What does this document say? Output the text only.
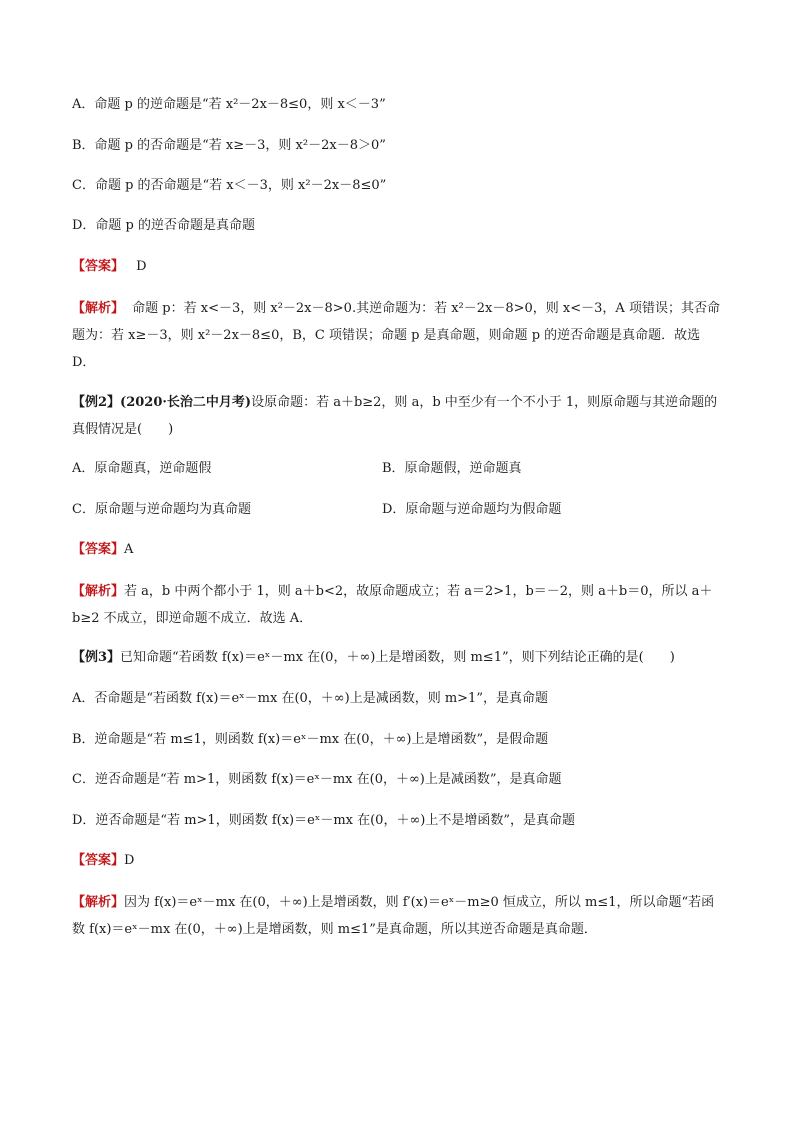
A．命题 p 的逆命题是“若 x²－2x－8≤0，则 x＜－3”
B．命题 p 的否命题是“若 x≥－3，则 x²－2x－8＞0”
C．命题 p 的否命题是“若 x＜－3，则 x²－2x－8≤0”
D．命题 p 的逆否命题是真命题
【答案】 D
【解析】 命题 p：若 x<－3，则 x²－2x－8>0.其逆命题为：若 x²－2x－8>0，则 x<－3，A 项错误；其否命题为：若 x≥－3，则 x²－2x－8≤0，B，C 项错误；命题 p 是真命题，则命题 p 的逆否命题是真命题．故选 D．
【例2】(2020·长治二中月考)设原命题：若 a＋b≥2，则 a，b 中至少有一个不小于 1，则原命题与其逆命题的真假情况是(　　)
A．原命题真，逆命题假	B．原命题假，逆命题真
C．原命题与逆命题均为真命题	D．原命题与逆命题均为假命题
【答案】A
【解析】若 a，b 中两个都小于 1，则 a＋b<2，故原命题成立；若 a＝2>1，b＝－2，则 a＋b＝0，所以 a＋b≥2 不成立，即逆命题不成立．故选 A．
【例3】已知命题“若函数 f(x)＝eˣ－mx 在(0，＋∞)上是增函数，则 m≤1”，则下列结论正确的是(　　)
A．否命题是“若函数 f(x)＝eˣ－mx 在(0，＋∞)上是减函数，则 m>1”，是真命题
B．逆命题是“若 m≤1，则函数 f(x)＝eˣ－mx 在(0，＋∞)上是增函数”，是假命题
C．逆否命题是“若 m>1，则函数 f(x)＝eˣ－mx 在(0，＋∞)上是减函数”，是真命题
D．逆否命题是“若 m>1，则函数 f(x)＝eˣ－mx 在(0，＋∞)上不是增函数”，是真命题
【答案】D
【解析】因为 f(x)＝eˣ－mx 在(0，＋∞)上是增函数，则 f′(x)＝eˣ－m≥0 恒成立，所以 m≤1，所以命题“若函数 f(x)＝eˣ－mx 在(0，＋∞)上是增函数，则 m≤1”是真命题，所以其逆否命题是真命题．
